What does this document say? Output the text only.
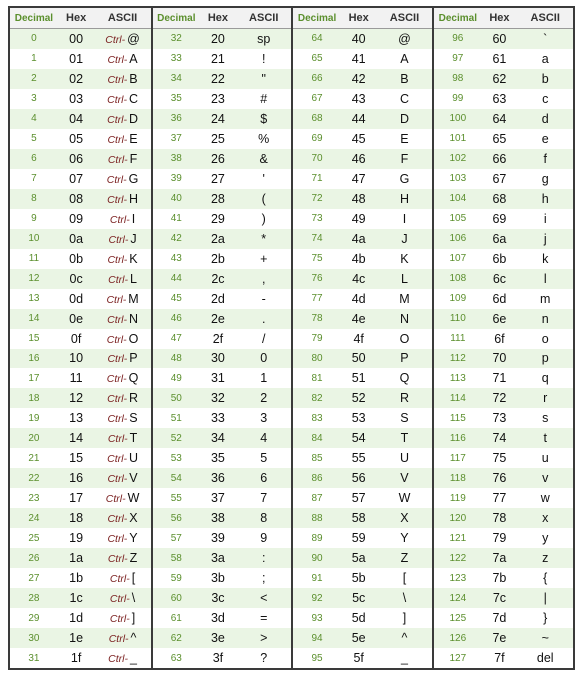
Decimal	Hex	ASCII
0	00	Ctrl- @
1	01	Ctrl- A
2	02	Ctrl- B
3	03	Ctrl- C
4	04	Ctrl- D
5	05	Ctrl- E
6	06	Ctrl- F
7	07	Ctrl- G
8	08	Ctrl- H
9	09	Ctrl- I
10	0a	Ctrl- J
11	0b	Ctrl- K
12	0c	Ctrl- L
13	0d	Ctrl- M
14	0e	Ctrl- N
15	0f	Ctrl- O
16	10	Ctrl- P
17	11	Ctrl- Q
18	12	Ctrl- R
19	13	Ctrl- S
20	14	Ctrl- T
21	15	Ctrl- U
22	16	Ctrl- V
23	17	Ctrl- W
24	18	Ctrl- X
25	19	Ctrl- Y
26	1a	Ctrl- Z
27	1b	Ctrl- [
28	1c	Ctrl- \
29	1d	Ctrl- ]
30	1e	Ctrl- ^
31	1f	Ctrl- _
Decimal	Hex	ASCII
32	20	sp
33	21	!
34	22	"
35	23	#
36	24	$
37	25	%
38	26	&
39	27	'
40	28	(
41	29	)
42	2a	*
43	2b	+
44	2c	,
45	2d	-
46	2e	.
47	2f	/
48	30	0
49	31	1
50	32	2
51	33	3
52	34	4
53	35	5
54	36	6
55	37	7
56	38	8
57	39	9
58	3a	:
59	3b	;
60	3c	<
61	3d	=
62	3e	>
63	3f	?
Decimal	Hex	ASCII
64	40	@
65	41	A
66	42	B
67	43	C
68	44	D
69	45	E
70	46	F
71	47	G
72	48	H
73	49	I
74	4a	J
75	4b	K
76	4c	L
77	4d	M
78	4e	N
79	4f	O
80	50	P
81	51	Q
82	52	R
83	53	S
84	54	T
85	55	U
86	56	V
87	57	W
88	58	X
89	59	Y
90	5a	Z
91	5b	[
92	5c	\
93	5d	]
94	5e	^
95	5f	_
Decimal	Hex	ASCII
96	60	`
97	61	a
98	62	b
99	63	c
100	64	d
101	65	e
102	66	f
103	67	g
104	68	h
105	69	i
106	6a	j
107	6b	k
108	6c	l
109	6d	m
110	6e	n
111	6f	o
112	70	p
113	71	q
114	72	r
115	73	s
116	74	t
117	75	u
118	76	v
119	77	w
120	78	x
121	79	y
122	7a	z
123	7b	{
124	7c	|
125	7d	}
126	7e	~
127	7f	del
